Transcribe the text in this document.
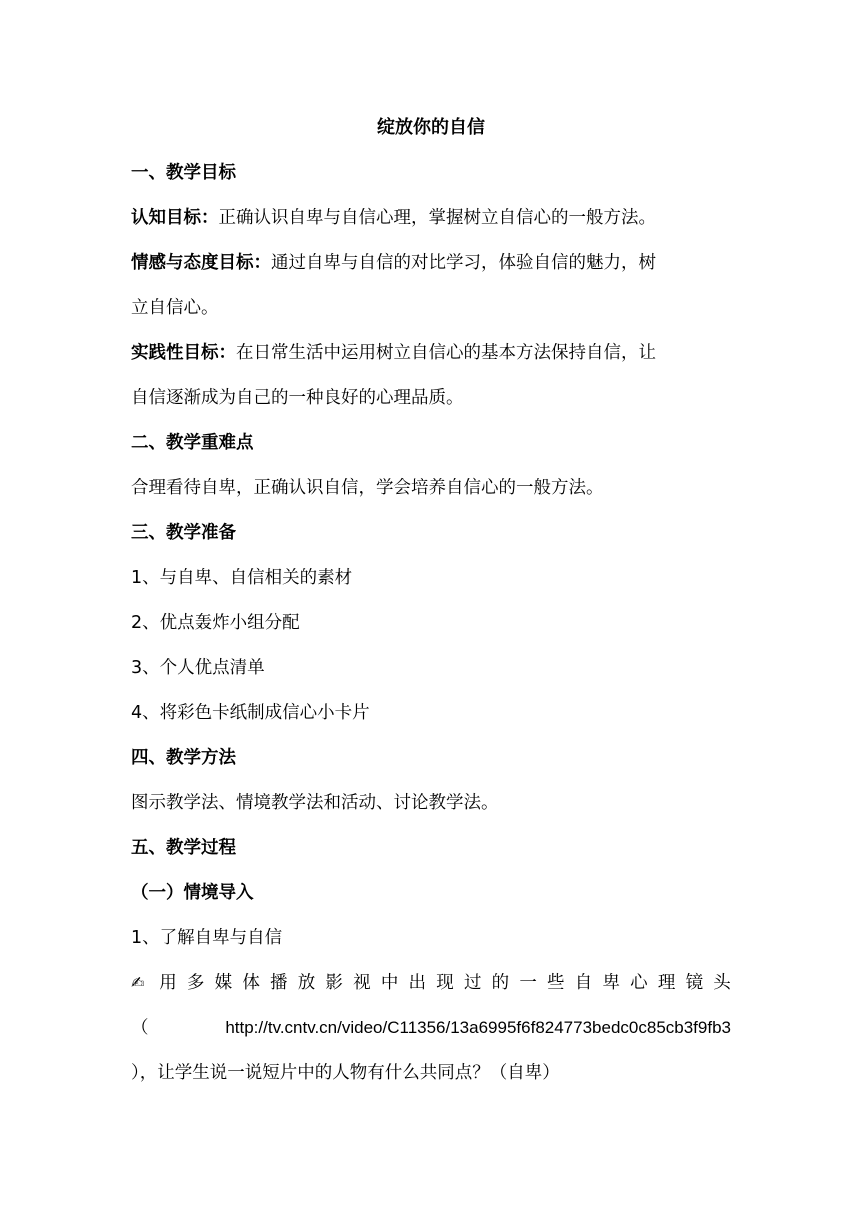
绽放你的自信
一、教学目标
认知目标：正确认识自卑与自信心理，掌握树立自信心的一般方法。
情感与态度目标：通过自卑与自信的对比学习，体验自信的魅力，树
立自信心。
实践性目标：在日常生活中运用树立自信心的基本方法保持自信，让
自信逐渐成为自己的一种良好的心理品质。
二、教学重难点
合理看待自卑，正确认识自信，学会培养自信心的一般方法。
三、教学准备
1、与自卑、自信相关的素材
2、优点轰炸小组分配
3、个人优点清单
4、将彩色卡纸制成信心小卡片
四、教学方法
图示教学法、情境教学法和活动、讨论教学法。
五、教学过程
（一）情境导入
1、了解自卑与自信
✍ 用 多 媒 体 播 放 影 视 中 出 现 过 的 一 些 自 卑 心 理 镜 头
（	http://tv.cntv.cn/video/C11356/13a6995f6f824773bedc0c85cb3f9fb3
），让学生说一说短片中的人物有什么共同点？（自卑）
